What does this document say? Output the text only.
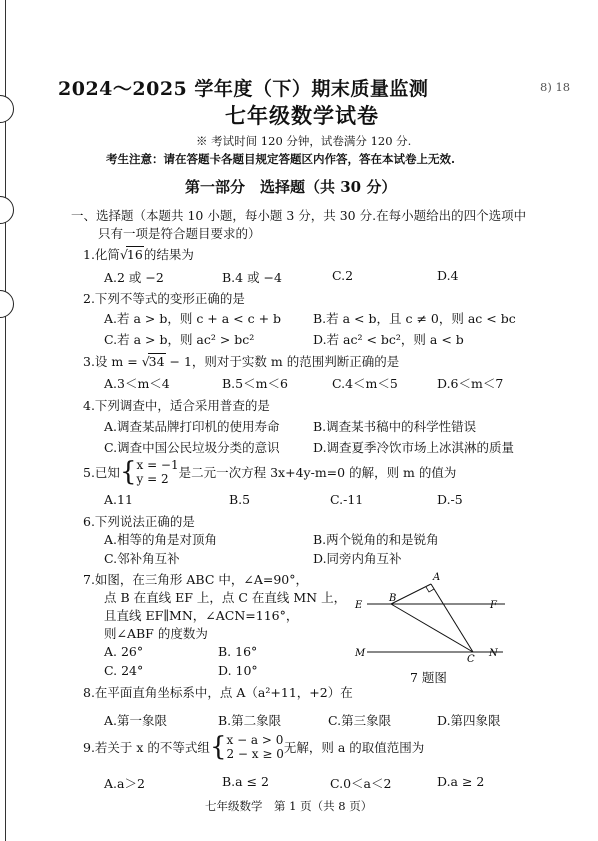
2024～2025 学年度（下）期末质量监测	8) 18
七年级数学试卷
※ 考试时间 120 分钟，试卷满分 120 分.
考生注意：请在答题卡各题目规定答题区内作答，答在本试卷上无效.
第一部分　选择题（共 30 分）
一、选择题（本题共 10 小题，每小题 3 分，共 30 分.在每小题给出的四个选项中
只有一项是符合题目要求的）
1.化简√16的结果为
A.2 或 −2	B.4 或 −4	C.2	D.4
2.下列不等式的变形正确的是
A.若 a > b，则 c + a < c + b	B.若 a < b，且 c ≠ 0，则 ac < bc
C.若 a > b，则 ac² > bc²	D.若 ac² < bc²，则 a < b
3.设 m = √34 − 1，则对于实数 m 的范围判断正确的是
A.3＜m＜4	B.5＜m＜6	C.4＜m＜5	D.6＜m＜7
4.下列调查中，适合采用普查的是
A.调查某品牌打印机的使用寿命	B.调查某书稿中的科学性错误
C.调查中国公民垃圾分类的意识	D.调查夏季冷饮市场上冰淇淋的质量
5.已知{x = −1
y = 2 是二元一次方程 3x+4y-m=0 的解，则 m 的值为
A.11	B.5	C.-11	D.-5
6.下列说法正确的是
A.相等的角是对顶角	B.两个锐角的和是锐角
C.邻补角互补	D.同旁内角互补
7.如图，在三角形 ABC 中，∠A=90°，
点 B 在直线 EF 上，点 C 在直线 MN 上，
且直线 EF∥MN，∠ACN=116°，
则∠ABF 的度数为
A. 26°	B. 16°
C. 24°	D. 10°
A
B
C
E	F
M	N
7 题图
8.在平面直角坐标系中，点 A（a²+11，+2）在
A.第一象限	B.第二象限	C.第三象限	D.第四象限
9.若关于 x 的不等式组{x − a > 0
2 − x ≥ 0无解，则 a 的取值范围为
A.a＞2	B.a ≤ 2	C.0＜a＜2	D.a ≥ 2
七年级数学　第 1 页（共 8 页）
